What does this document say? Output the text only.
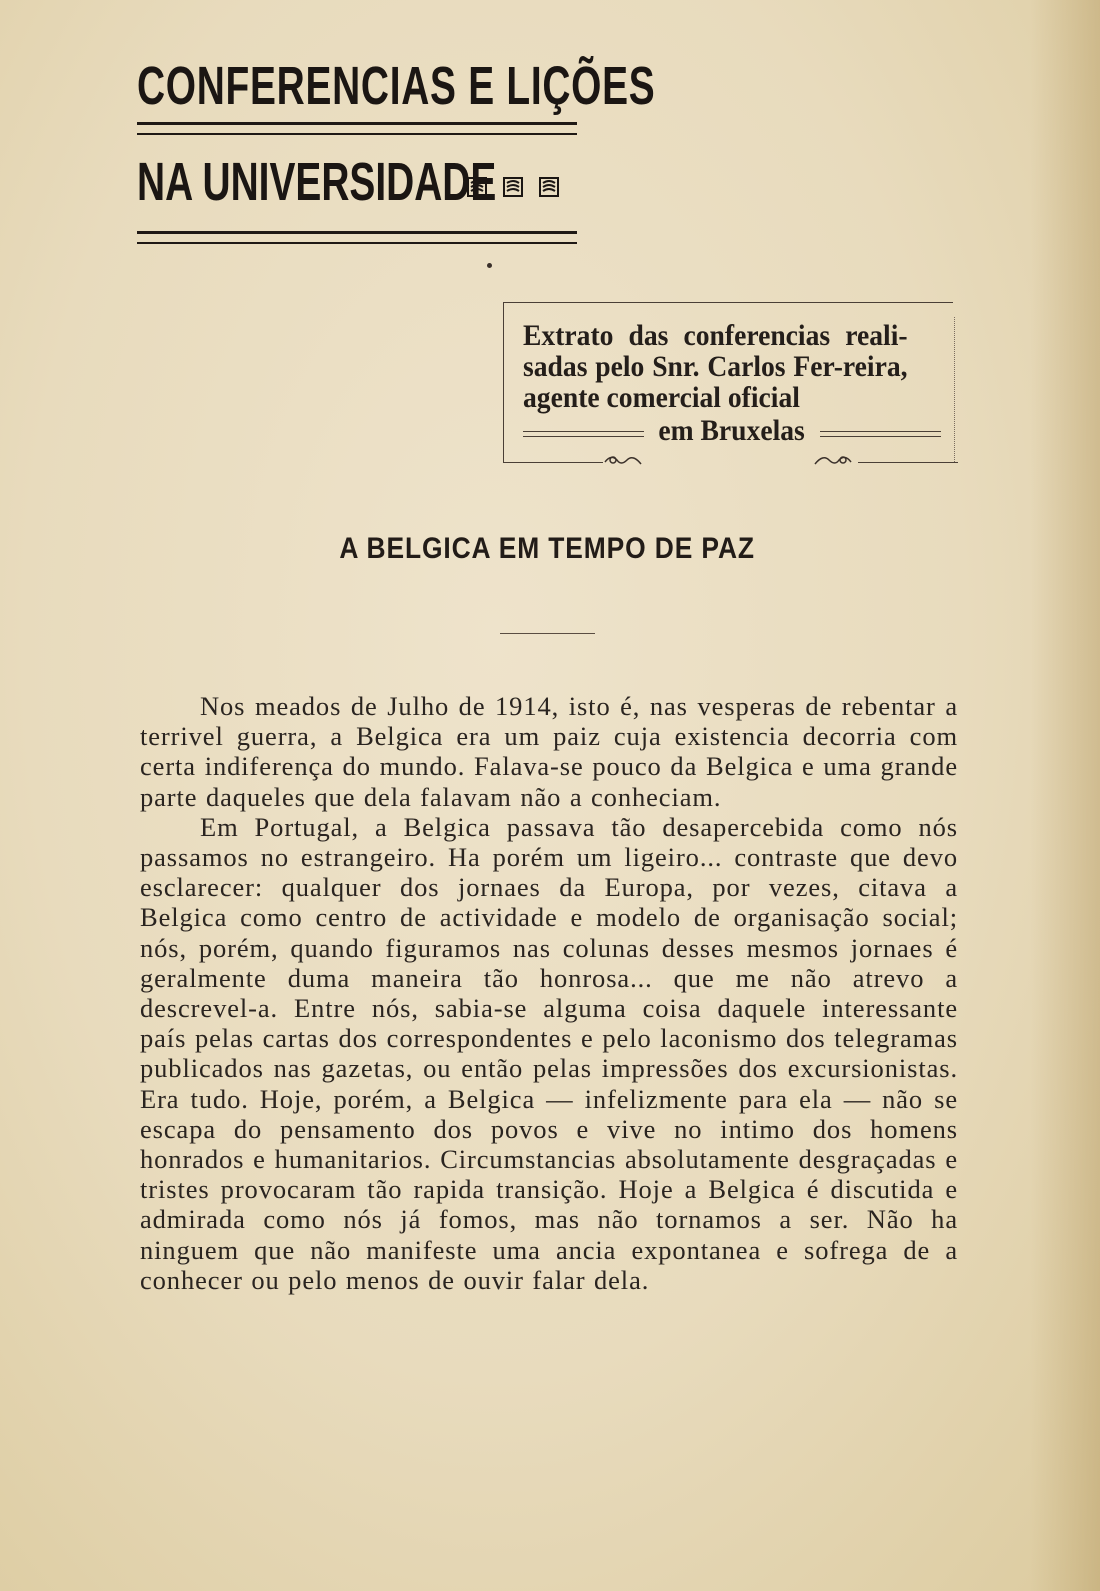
CONFERENCIAS E LIÇÕES
NA UNIVERSIDADE
Extrato das conferencias reali-sadas pelo Snr. Carlos Fer-reira, agente comercial oficial
em Bruxelas
A BELGICA EM TEMPO DE PAZ

Nos meados de Julho de 1914, isto é, nas vesperas de rebentar a terrivel guerra, a Belgica era um paiz cuja existencia decorria com certa indiferença do mundo. Falava-se pouco da Belgica e uma grande parte daqueles que dela falavam não a conheciam.

Em Portugal, a Belgica passava tão desapercebida como nós passamos no estrangeiro. Ha porém um ligeiro... contraste que devo esclarecer: qualquer dos jornaes da Europa, por vezes, citava a Belgica como centro de actividade e modelo de organisação social; nós, porém, quando figuramos nas colunas desses mesmos jornaes é geralmente duma maneira tão honrosa... que me não atrevo a descrevel-a. Entre nós, sabia-se alguma coisa daquele interessante país pelas cartas dos correspondentes e pelo laconismo dos telegramas publicados nas gazetas, ou então pelas impressões dos excursionistas. Era tudo. Hoje, porém, a Belgica — infelizmente para ela — não se escapa do pensamento dos povos e vive no intimo dos homens honrados e humanitarios. Circumstancias absolutamente desgraçadas e tristes provocaram tão rapida transição. Hoje a Belgica é discutida e admirada como nós já fomos, mas não tornamos a ser. Não ha ninguem que não manifeste uma ancia expontanea e sofrega de a conhecer ou pelo menos de ouvir falar dela.
